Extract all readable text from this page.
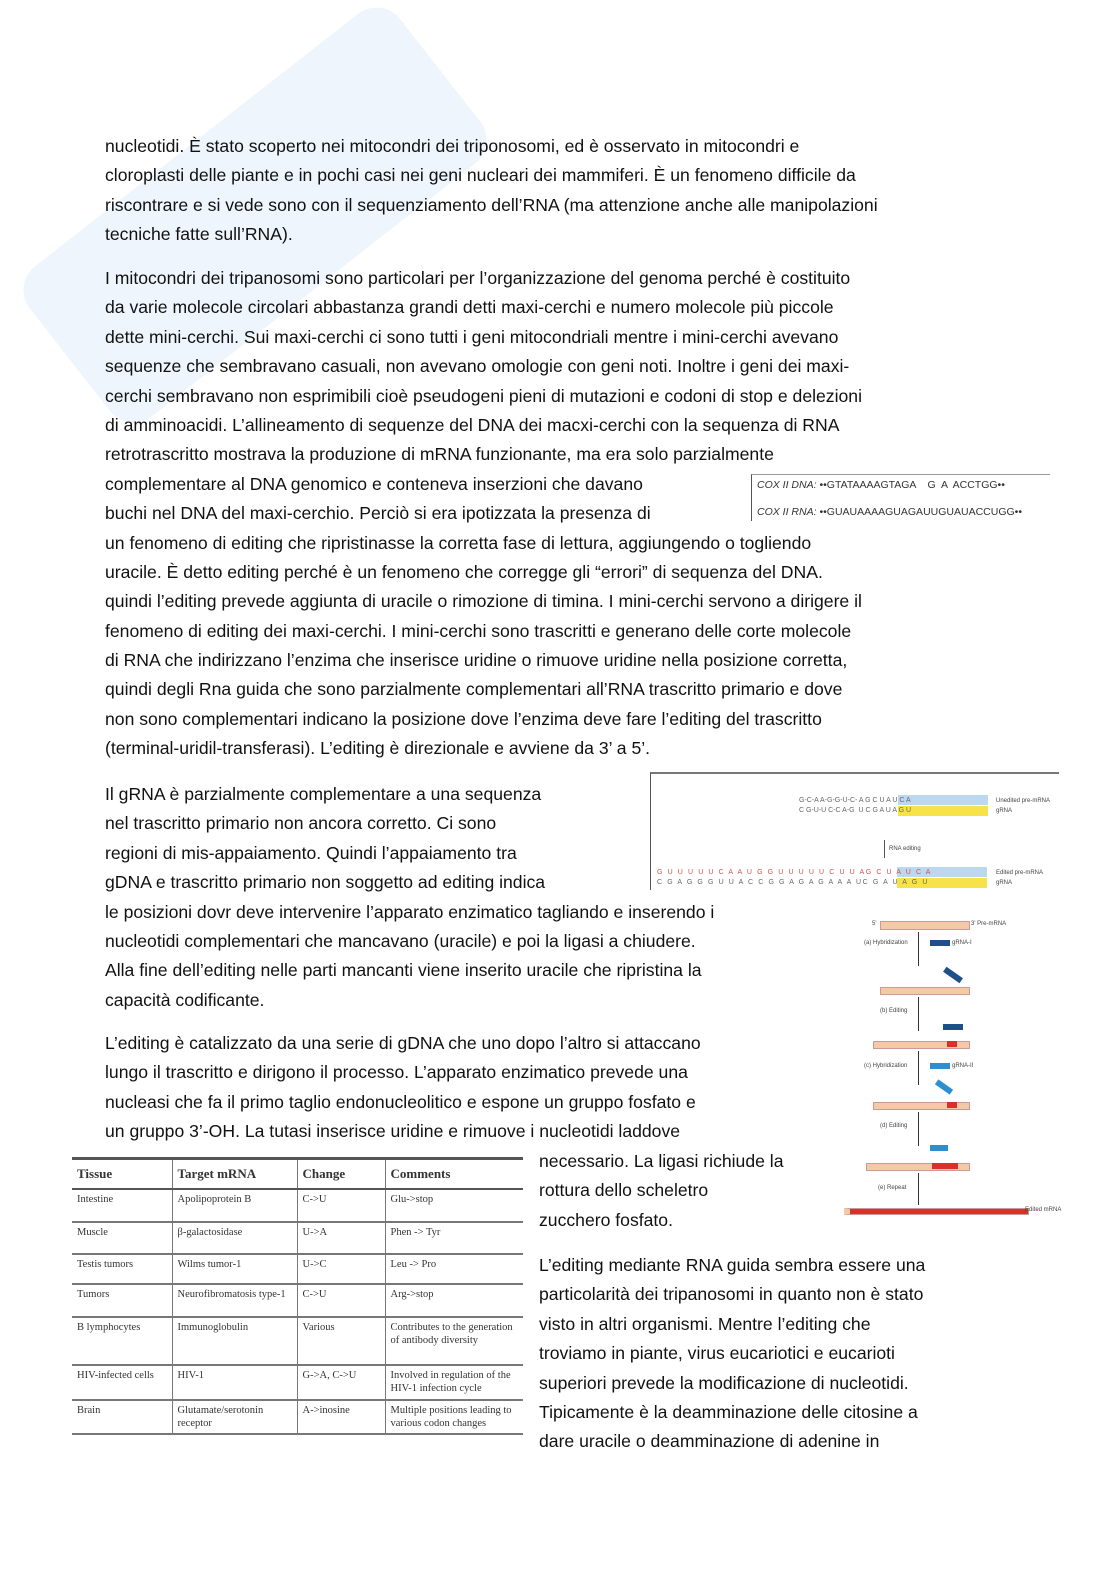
nucleotidi. È stato scoperto nei mitocondri dei triponosomi, ed è osservato in mitocondri e
cloroplasti delle piante e in pochi casi nei geni nucleari dei mammiferi. È un fenomeno difficile da
riscontrare e si vede sono con il sequenziamento dell’RNA (ma attenzione anche alle manipolazioni
tecniche fatte sull’RNA).
I mitocondri dei tripanosomi sono particolari per l’organizzazione del genoma perché è costituito
da varie molecole circolari abbastanza grandi detti maxi-cerchi e numero molecole più piccole
dette mini-cerchi. Sui maxi-cerchi ci sono tutti i geni mitocondriali mentre i mini-cerchi avevano
sequenze che sembravano casuali, non avevano omologie con geni noti. Inoltre i geni dei maxi-
cerchi sembravano non esprimibili cioè pseudogeni pieni di mutazioni e codoni di stop e delezioni
di amminoacidi. L’allineamento di sequenze del DNA dei macxi-cerchi con la sequenza di RNA
retrotrascritto mostrava la produzione di mRNA funzionante, ma era solo parzialmente
complementare al DNA genomico e conteneva inserzioni che davano
buchi nel DNA del maxi-cerchio. Perciò si era ipotizzata la presenza di
un fenomeno di editing che ripristinasse la corretta fase di lettura, aggiungendo o togliendo
uracile. È detto editing perché è un fenomeno che corregge gli “errori” di sequenza del DNA.
quindi l’editing prevede aggiunta di uracile o rimozione di timina. I mini-cerchi servono a dirigere il
fenomeno di editing dei maxi-cerchi. I mini-cerchi sono trascritti e generano delle corte molecole
di RNA che indirizzano l’enzima che inserisce uridine o rimuove uridine nella posizione corretta,
quindi degli Rna guida che sono parzialmente complementari all’RNA trascritto primario e dove
non sono complementari indicano la posizione dove l’enzima deve fare l’editing del trascritto
(terminal-uridil-transferasi). L’editing è direzionale e avviene da 3’ a 5’.
Il gRNA è parzialmente complementare a una sequenza
nel trascritto primario non ancora corretto. Ci sono
regioni di mis-appaiamento. Quindi l’appaiamento tra
gDNA e trascritto primario non soggetto ad editing indica
le posizioni dovr deve intervenire l’apparato enzimatico tagliando e inserendo i
nucleotidi complementari che mancavano (uracile) e poi la ligasi a chiudere.
Alla fine dell’editing nelle parti mancanti viene inserito uracile che ripristina la
capacità codificante.
L’editing è catalizzato da una serie di gDNA che uno dopo l’altro si attaccano
lungo il trascritto e dirigono il processo. L’apparato enzimatico prevede una
nucleasi che fa il primo taglio endonucleolitico e espone un gruppo fosfato e
un gruppo 3’-OH. La tutasi inserisce uridine e rimuove i nucleotidi laddove
necessario. La ligasi richiude la
rottura dello scheletro
zucchero fosfato.
L’editing mediante RNA guida sembra essere una
particolarità dei tripanosomi in quanto non è stato
visto in altri organismi. Mentre l’editing che
troviamo in piante, virus eucariotici e eucarioti
superiori prevede la modificazione di nucleotidi.
Tipicamente è la deamminazione delle citosine a
dare uracile o deamminazione di adenine in
COX II DNA: ••GTATAAAAGTAGA    G  A  ACCTGG••
COX II RNA: ••GUAUAAAAGUAGAUUGUAUACCUGG••
G-C-A A-G-G-U-C- A G C U A U C A
C G-U-U C-C A-G  U C G A U A G U
Unedited pre-mRNA
gRNA
RNA editing
G U U U U U C A A U G G U U U U U C U U AG C U A U C A
C G A G G G U U A C C G G A G A G A A A UC G A U A G U
Edited pre-mRNA
gRNA
5'	3' Pre-mRNA
(a) Hybridization	gRNA-I
(b) Editing
(c) Hybridization	gRNA-II
(d) Editing
(e) Repeat
Edited mRNA
Tissue	Target mRNA	Change	Comments
Intestine	Apolipoprotein B	C->U	Glu->stop
Muscle	β-galactosidase	U->A	Phen -> Tyr
Testis tumors	Wilms tumor-1	U->C	Leu -> Pro
Tumors	Neurofibromatosis type-1	C->U	Arg->stop
B lymphocytes	Immunoglobulin	Various	Contributes to the generation of antibody diversity
HIV-infected cells	HIV-1	G->A, C->U	Involved in regulation of the HIV-1 infection cycle
Brain	Glutamate/serotonin receptor	A->inosine	Multiple positions leading to various codon changes
